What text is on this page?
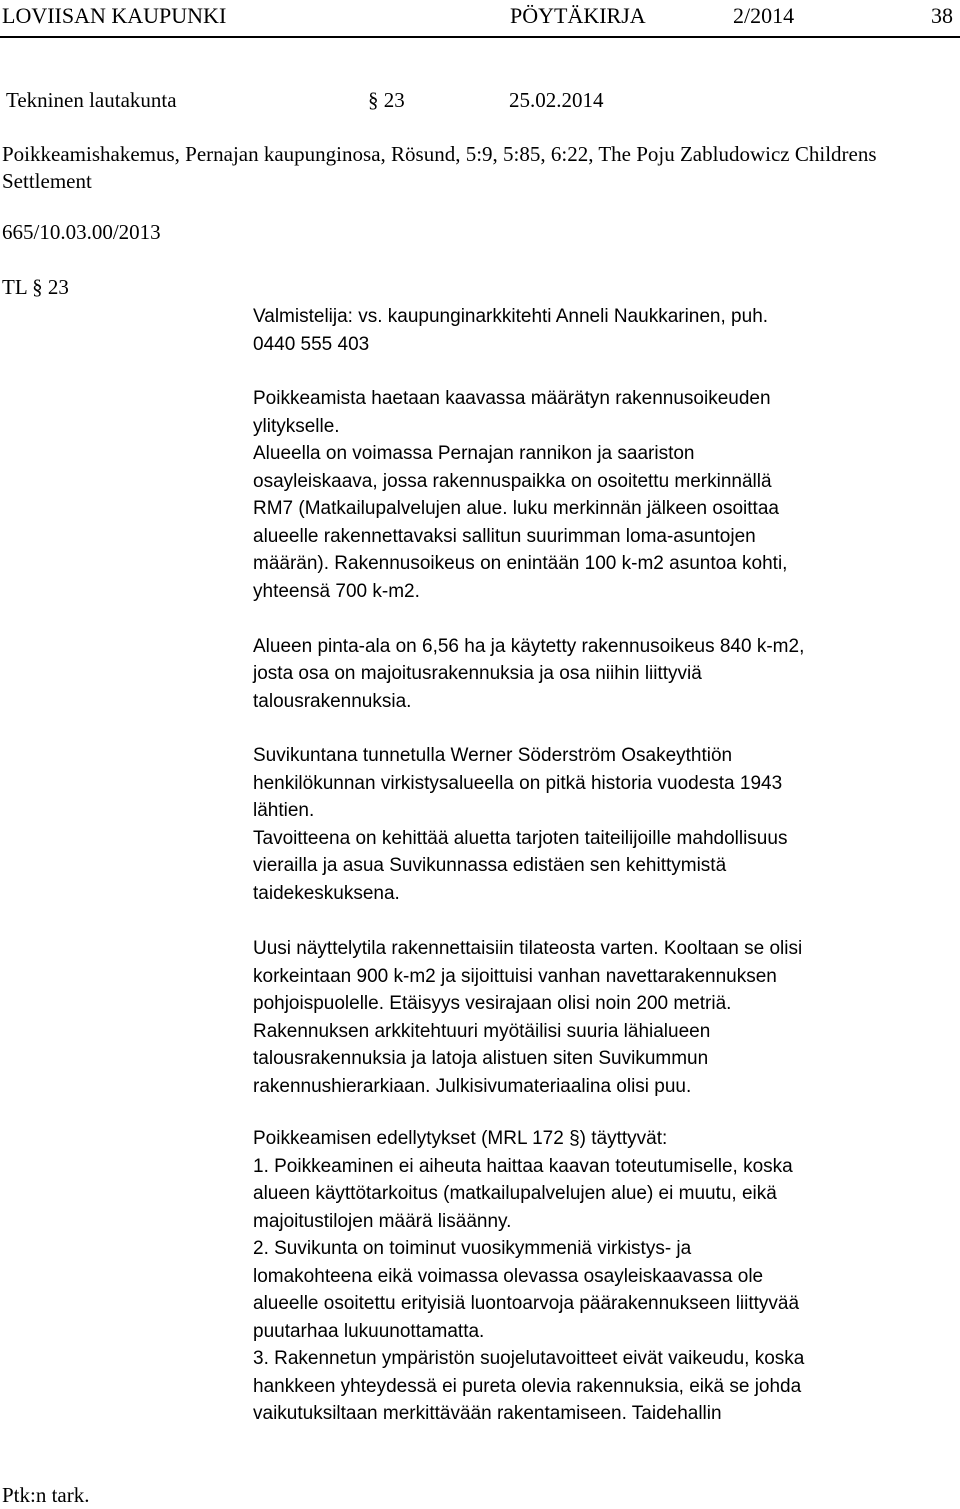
LOVIISAN KAUPUNKI	PÖYTÄKIRJA	2/2014	38
Tekninen lautakunta	§ 23	25.02.2014
Poikkeamishakemus, Pernajan kaupunginosa, Rösund, 5:9, 5:85, 6:22, The Poju Zabludowicz Childrens Settlement
665/10.03.00/2013
TL § 23

Valmistelija: vs. kaupunginarkkitehti Anneli Naukkarinen, puh.

0440 555 403

Poikkeamista haetaan kaavassa määrätyn rakennusoikeuden

ylitykselle.

Alueella on voimassa Pernajan rannikon ja saariston

osayleiskaava, jossa rakennuspaikka on osoitettu merkinnällä

RM7 (Matkailupalvelujen alue. luku merkinnän jälkeen osoittaa

alueelle rakennettavaksi sallitun suurimman loma-asuntojen

määrän). Rakennusoikeus on enintään 100 k-m2 asuntoa kohti,

yhteensä 700 k-m2.

Alueen pinta-ala on 6,56 ha ja käytetty rakennusoikeus 840 k-m2,

josta osa on majoitusrakennuksia ja osa niihin liittyviä

talousrakennuksia.

Suvikuntana tunnetulla Werner Söderström Osakeythtiön

henkilökunnan virkistysalueella on pitkä historia vuodesta 1943

lähtien.

Tavoitteena on kehittää aluetta tarjoten taiteilijoille mahdollisuus

vierailla ja asua Suvikunnassa edistäen sen kehittymistä

taidekeskuksena.

Uusi näyttelytila rakennettaisiin tilateosta varten. Kooltaan se olisi

korkeintaan 900 k-m2 ja sijoittuisi vanhan navettarakennuksen

pohjoispuolelle. Etäisyys vesirajaan olisi noin 200 metriä.

Rakennuksen arkkitehtuuri myötäilisi suuria lähialueen

talousrakennuksia ja latoja alistuen siten Suvikummun

rakennushierarkiaan. Julkisivumateriaalina olisi puu.

Poikkeamisen edellytykset (MRL 172 §) täyttyvät:

1. Poikkeaminen ei aiheuta haittaa kaavan toteutumiselle, koska

alueen käyttötarkoitus (matkailupalvelujen alue) ei muutu, eikä

majoitustilojen määrä lisäänny.

2. Suvikunta on toiminut vuosikymmeniä virkistys- ja

lomakohteena eikä voimassa olevassa osayleiskaavassa ole

alueelle osoitettu erityisiä luontoarvoja päärakennukseen liittyvää

puutarhaa lukuunottamatta.

3. Rakennetun ympäristön suojelutavoitteet eivät vaikeudu, koska

hankkeen yhteydessä ei pureta olevia rakennuksia, eikä se johda

vaikutuksiltaan merkittävään rakentamiseen. Taidehallin

Ptk:n tark.
